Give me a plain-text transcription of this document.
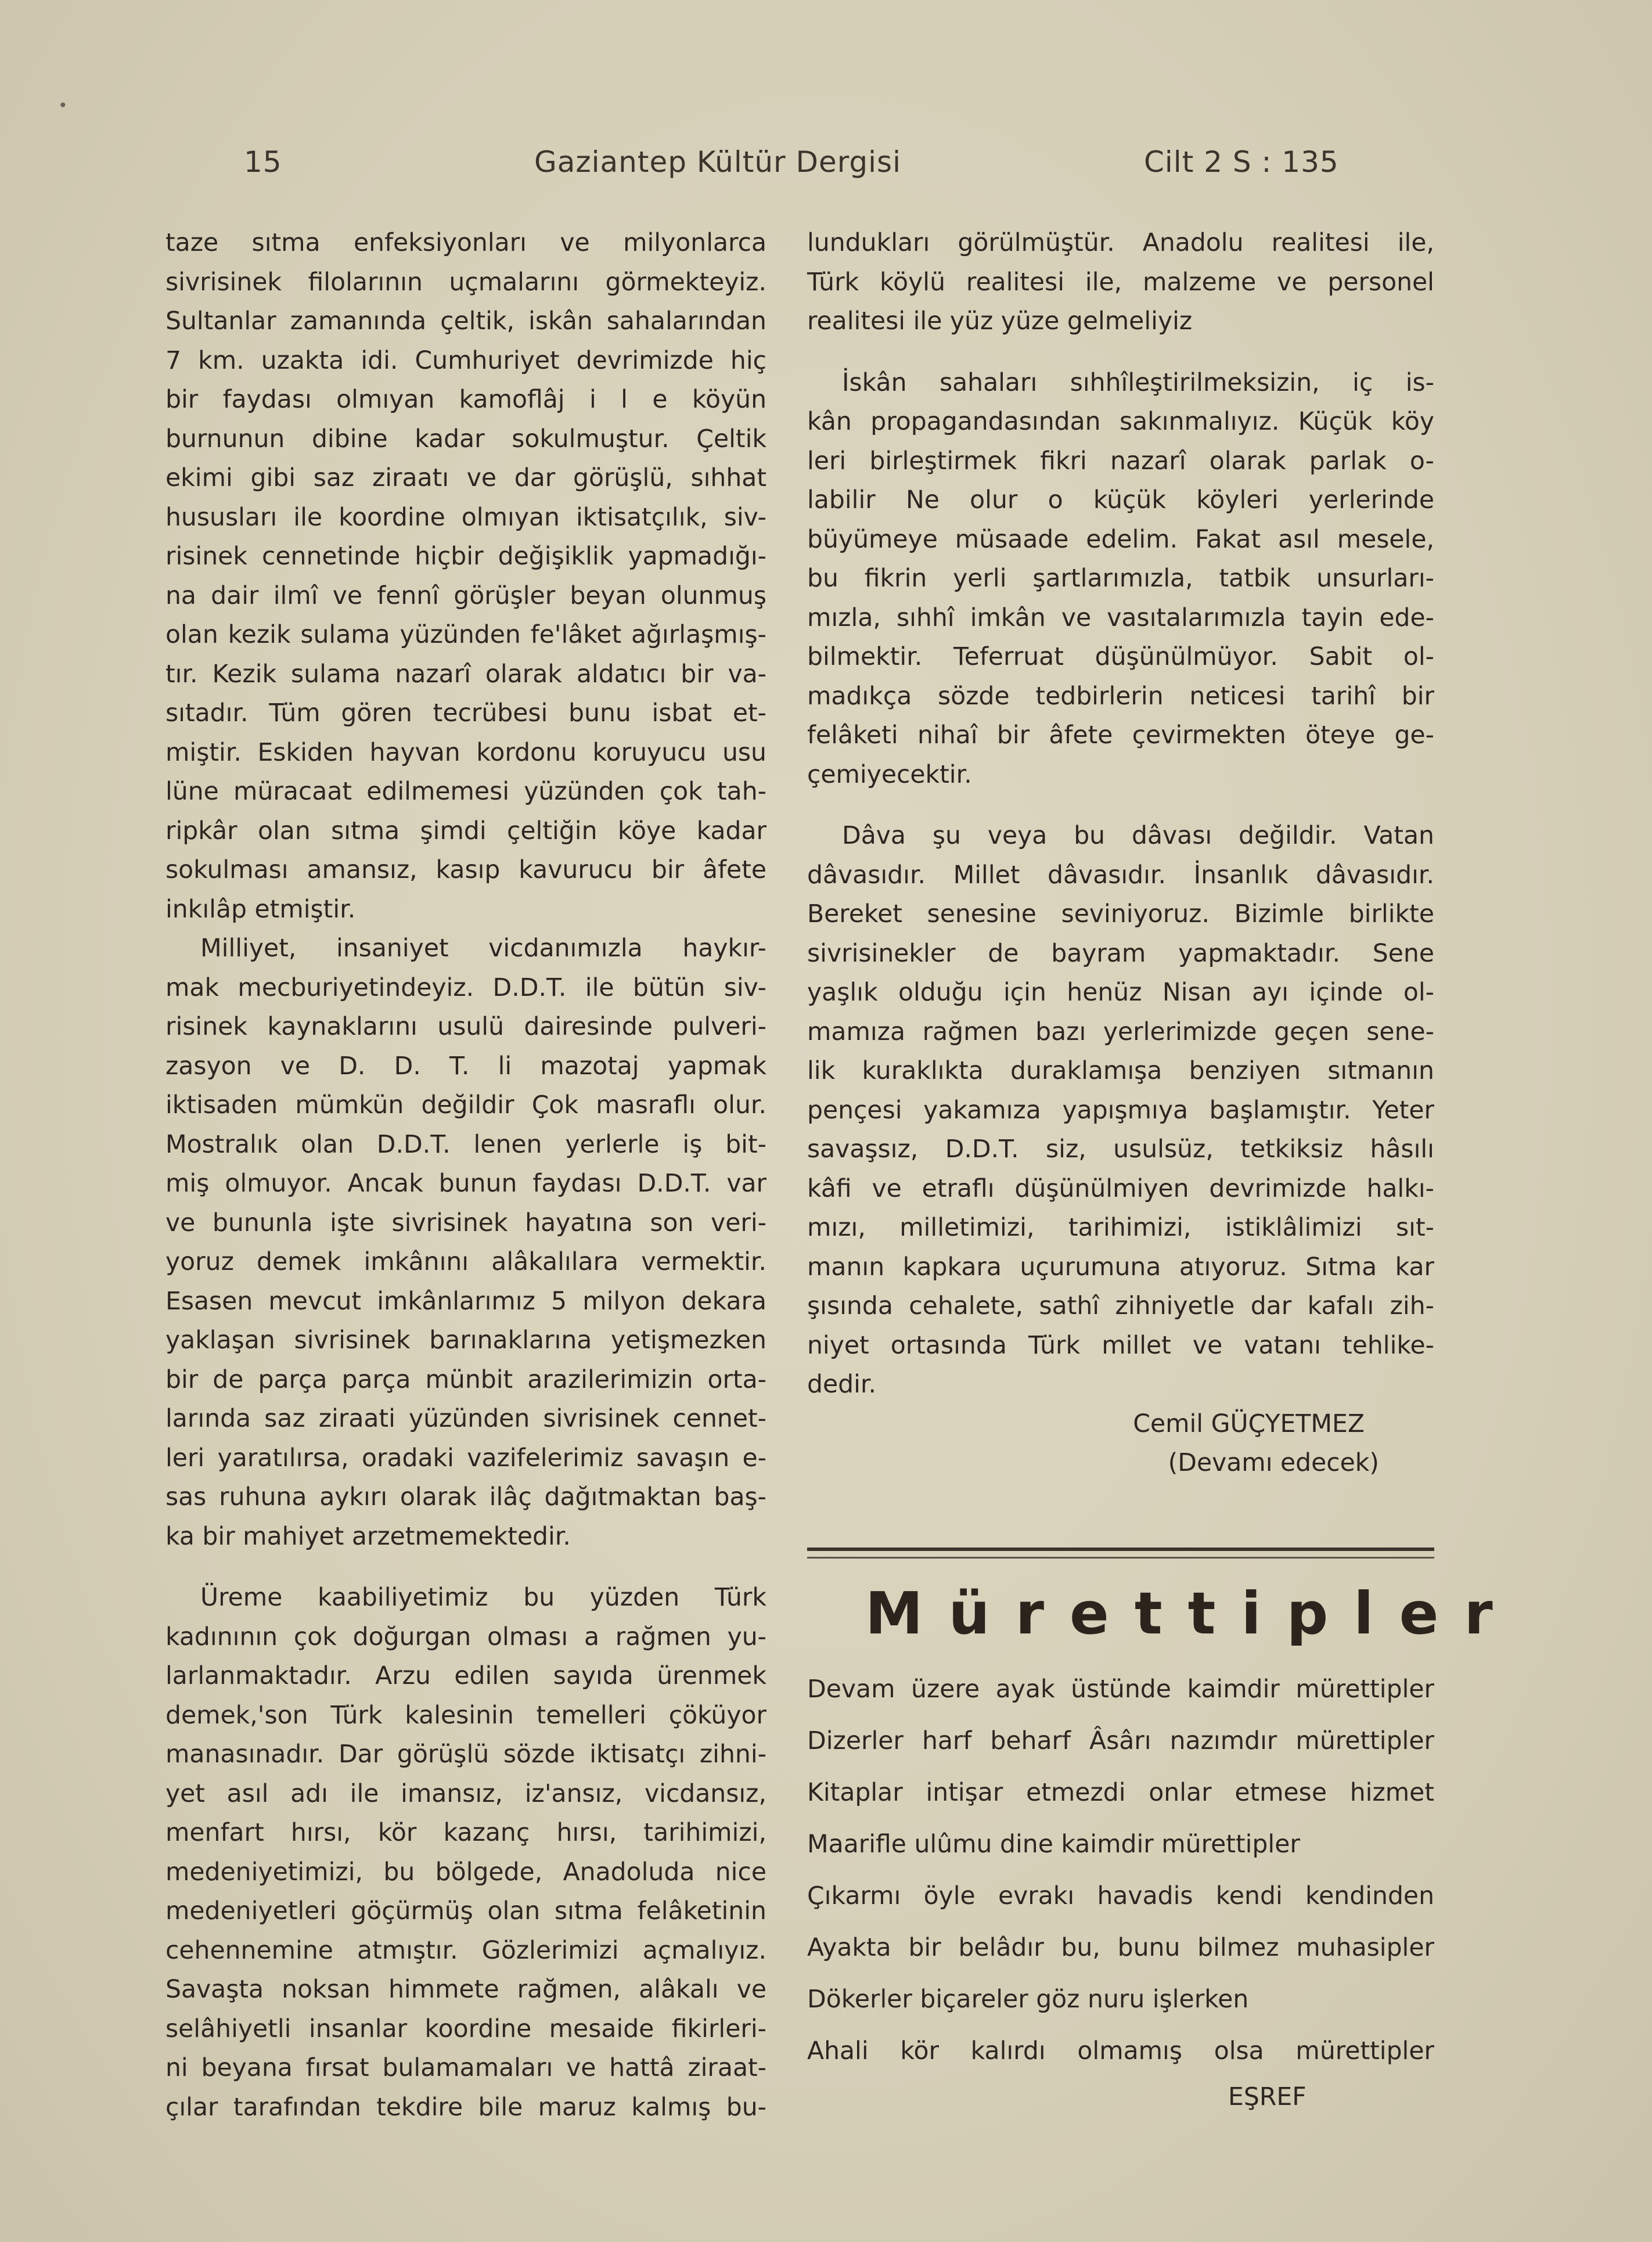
15	Gaziantep Kültür Dergisi	Cilt 2 S : 135
taze sıtma enfeksiyonları ve milyonlarca
sivrisinek filolarının uçmalarını görmekteyiz.
Sultanlar zamanında çeltik, iskân sahalarından
7 km. uzakta idi. Cumhuriyet devrimizde hiç
bir faydası olmıyan kamoflâj i l e köyün
burnunun dibine kadar sokulmuştur. Çeltik
ekimi gibi saz ziraatı ve dar görüşlü, sıhhat
hususları ile koordine olmıyan iktisatçılık, siv-
risinek cennetinde hiçbir değişiklik yapmadığı-
na dair ilmî ve fennî görüşler beyan olunmuş
olan kezik sulama yüzünden fe'lâket ağırlaşmış-
tır. Kezik sulama nazarî olarak aldatıcı bir va-
sıtadır. Tüm gören tecrübesi bunu isbat et-
miştir. Eskiden hayvan kordonu koruyucu usu
lüne müracaat edilmemesi yüzünden çok tah-
ripkâr olan sıtma şimdi çeltiğin köye kadar
sokulması amansız, kasıp kavurucu bir âfete
inkılâp etmiştir.
Milliyet, insaniyet vicdanımızla haykır-
mak mecburiyetindeyiz. D.D.T. ile bütün siv-
risinek kaynaklarını usulü dairesinde pulveri-
zasyon ve D. D. T. li mazotaj yapmak
iktisaden mümkün değildir Çok masraflı olur.
Mostralık olan D.D.T. lenen yerlerle iş bit-
miş olmuyor. Ancak bunun faydası D.D.T. var
ve bununla işte sivrisinek hayatına son veri-
yoruz demek imkânını alâkalılara vermektir.
Esasen mevcut imkânlarımız 5 milyon dekara
yaklaşan sivrisinek barınaklarına yetişmezken
bir de parça parça münbit arazilerimizin orta-
larında saz ziraati yüzünden sivrisinek cennet-
leri yaratılırsa, oradaki vazifelerimiz savaşın e-
sas ruhuna aykırı olarak ilâç dağıtmaktan baş-
ka bir mahiyet arzetmemektedir.
Üreme kaabiliyetimiz bu yüzden Türk
kadınının çok doğurgan olması a rağmen yu-
larlanmaktadır. Arzu edilen sayıda ürenmek
demek,'son Türk kalesinin temelleri çöküyor
manasınadır. Dar görüşlü sözde iktisatçı zihni-
yet asıl adı ile imansız, iz'ansız, vicdansız,
menfart hırsı, kör kazanç hırsı, tarihimizi,
medeniyetimizi, bu bölgede, Anadoluda nice
medeniyetleri göçürmüş olan sıtma felâketinin
cehennemine atmıştır. Gözlerimizi açmalıyız.
Savaşta noksan himmete rağmen, alâkalı ve
selâhiyetli insanlar koordine mesaide fikirleri-
ni beyana fırsat bulamamaları ve hattâ ziraat-
çılar tarafından tekdire bile maruz kalmış bu-
lundukları görülmüştür. Anadolu realitesi ile,
Türk köylü realitesi ile, malzeme ve personel
realitesi ile yüz yüze gelmeliyiz
İskân sahaları sıhhîleştirilmeksizin, iç is-
kân propagandasından sakınmalıyız. Küçük köy
leri birleştirmek fikri nazarî olarak parlak o-
labilir Ne olur o küçük köyleri yerlerinde
büyümeye müsaade edelim. Fakat asıl mesele,
bu fikrin yerli şartlarımızla, tatbik unsurları-
mızla, sıhhî imkân ve vasıtalarımızla tayin ede-
bilmektir. Teferruat düşünülmüyor. Sabit ol-
madıkça sözde tedbirlerin neticesi tarihî bir
felâketi nihaî bir âfete çevirmekten öteye ge-
çemiyecektir.
Dâva şu veya bu dâvası değildir. Vatan
dâvasıdır. Millet dâvasıdır. İnsanlık dâvasıdır.
Bereket senesine seviniyoruz. Bizimle birlikte
sivrisinekler de bayram yapmaktadır. Sene
yaşlık olduğu için henüz Nisan ayı içinde ol-
mamıza rağmen bazı yerlerimizde geçen sene-
lik kuraklıkta duraklamışa benziyen sıtmanın
pençesi yakamıza yapışmıya başlamıştır. Yeter
savaşsız, D.D.T. siz, usulsüz, tetkiksiz hâsılı
kâfi ve etraflı düşünülmiyen devrimizde halkı-
mızı, milletimizi, tarihimizi, istiklâlimizi sıt-
manın kapkara uçurumuna atıyoruz. Sıtma kar
şısında cehalete, sathî zihniyetle dar kafalı zih-
niyet ortasında Türk millet ve vatanı tehlike-
dedir.
Cemil GÜÇYETMEZ
(Devamı edecek)
Mürettipler
Devam üzere ayak üstünde kaimdir mürettipler
Dizerler harf beharf Âsârı nazımdır mürettipler
Kitaplar intişar etmezdi onlar etmese hizmet
Maarifle ulûmu dine kaimdir mürettipler
Çıkarmı öyle evrakı havadis kendi kendinden
Ayakta bir belâdır bu, bunu bilmez muhasipler
Dökerler biçareler göz nuru işlerken
Ahali kör kalırdı olmamış olsa mürettipler
EŞREF
•
